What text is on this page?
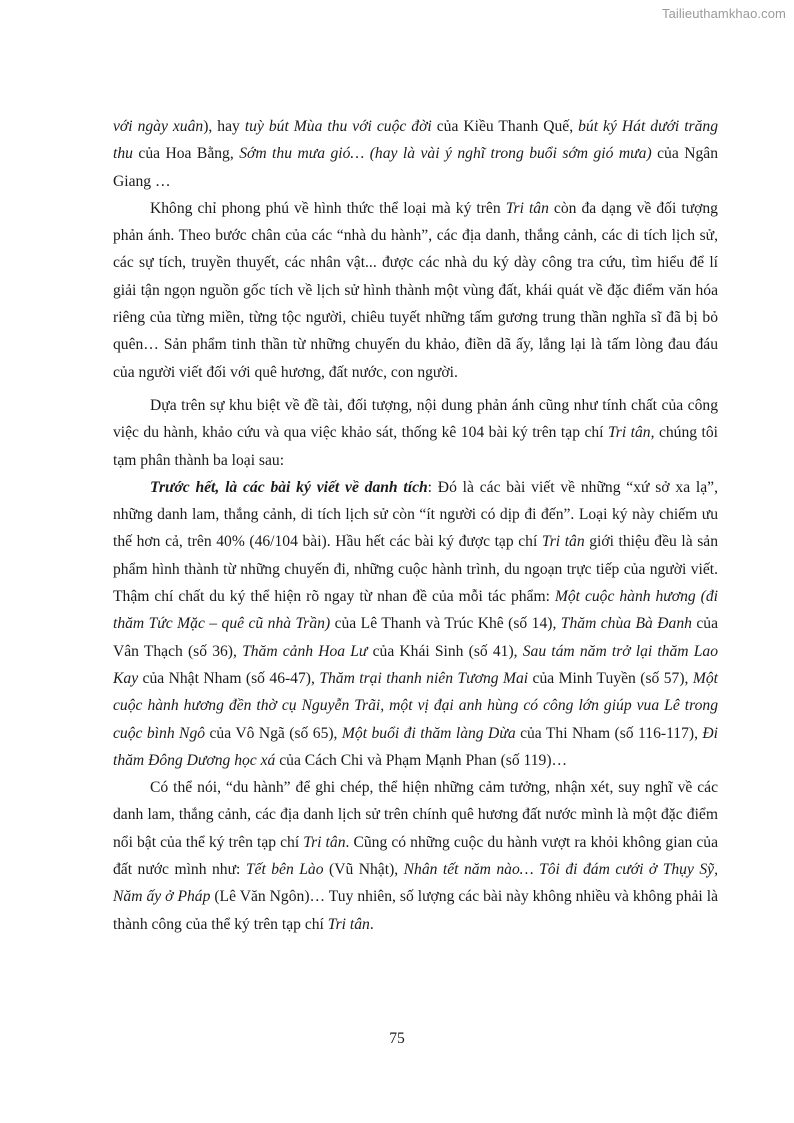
Tailieuthamkhao.com

với ngày xuân), hay tuỳ bút Mùa thu với cuộc đời của Kiều Thanh Quế, bút ký Hát dưới trăng thu của Hoa Bằng, Sớm thu mưa gió… (hay là vài ý nghĩ trong buổi sớm gió mưa) của Ngân Giang …

Không chỉ phong phú về hình thức thể loại mà ký trên Tri tân còn đa dạng về đối tượng phản ánh. Theo bước chân của các “nhà du hành”, các địa danh, thắng cảnh, các di tích lịch sử, các sự tích, truyền thuyết, các nhân vật... được các nhà du ký dày công tra cứu, tìm hiểu để lí giải tận ngọn nguồn gốc tích về lịch sử hình thành một vùng đất, khái quát về đặc điểm văn hóa riêng của từng miền, từng tộc người, chiêu tuyết những tấm gương trung thần nghĩa sĩ đã bị bỏ quên… Sản phẩm tinh thần từ những chuyến du khảo, điền dã ấy, lắng lại là tấm lòng đau đáu của người viết đối với quê hương, đất nước, con người.

Dựa trên sự khu biệt về đề tài, đối tượng, nội dung phản ánh cũng như tính chất của công việc du hành, khảo cứu và qua việc khảo sát, thống kê 104 bài ký trên tạp chí Tri tân, chúng tôi tạm phân thành ba loại sau:

Trước hết, là các bài ký viết về danh tích: Đó là các bài viết về những “xứ sở xa lạ”, những danh lam, thắng cảnh, di tích lịch sử còn “ít người có dịp đi đến”. Loại ký này chiếm ưu thế hơn cả, trên 40% (46/104 bài). Hầu hết các bài ký được tạp chí Tri tân giới thiệu đều là sản phẩm hình thành từ những chuyến đi, những cuộc hành trình, du ngoạn trực tiếp của người viết. Thậm chí chất du ký thể hiện rõ ngay từ nhan đề của mỗi tác phẩm: Một cuộc hành hương (đi thăm Tức Mặc – quê cũ nhà Trần) của Lê Thanh và Trúc Khê (số 14), Thăm chùa Bà Đanh của Vân Thạch (số 36), Thăm cảnh Hoa Lư của Khái Sinh (số 41), Sau tám năm trở lại thăm Lao Kay của Nhật Nham (số 46-47), Thăm trại thanh niên Tương Mai của Minh Tuyền (số 57), Một cuộc hành hương đền thờ cụ Nguyễn Trãi, một vị đại anh hùng có công lớn giúp vua Lê trong cuộc bình Ngô của Vô Ngã (số 65), Một buổi đi thăm làng Dừa của Thi Nham (số 116-117), Đi thăm Đông Dương học xá của Cách Chi và Phạm Mạnh Phan (số 119)…

Có thể nói, “du hành” để ghi chép, thể hiện những cảm tưởng, nhận xét, suy nghĩ về các danh lam, thắng cảnh, các địa danh lịch sử trên chính quê hương đất nước mình là một đặc điểm nổi bật của thể ký trên tạp chí Tri tân. Cũng có những cuộc du hành vượt ra khỏi không gian của đất nước mình như: Tết bên Lào (Vũ Nhật), Nhân tết năm nào… Tôi đi đám cưới ở Thụy Sỹ, Năm ấy ở Pháp (Lê Văn Ngôn)… Tuy nhiên, số lượng các bài này không nhiều và không phải là thành công của thể ký trên tạp chí Tri tân.

75
